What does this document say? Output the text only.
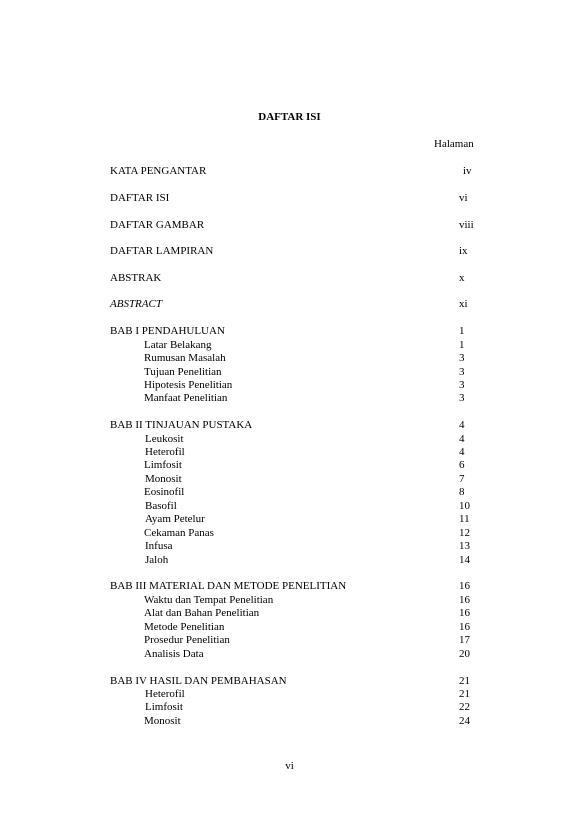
DAFTAR ISI
Halaman
KATA PENGANTAR	iv
DAFTAR ISI	vi
DAFTAR GAMBAR	viii
DAFTAR LAMPIRAN	ix
ABSTRAK	x
ABSTRACT	xi
BAB I PENDAHULUAN	1
Latar Belakang	1
Rumusan Masalah	3
Tujuan Penelitian	3
Hipotesis Penelitian	3
Manfaat Penelitian	3
BAB II TINJAUAN PUSTAKA	4
Leukosit	4
Heterofil	4
Limfosit	6
Monosit	7
Eosinofil	8
Basofil	10
Ayam Petelur	11
Cekaman Panas	12
Infusa	13
Jaloh	14
BAB III MATERIAL DAN METODE PENELITIAN	16
Waktu dan Tempat Penelitian	16
Alat dan Bahan Penelitian	16
Metode Penelitian	16
Prosedur Penelitian	17
Analisis Data	20
BAB IV HASIL DAN PEMBAHASAN	21
Heterofil	21
Limfosit	22
Monosit	24
vi
